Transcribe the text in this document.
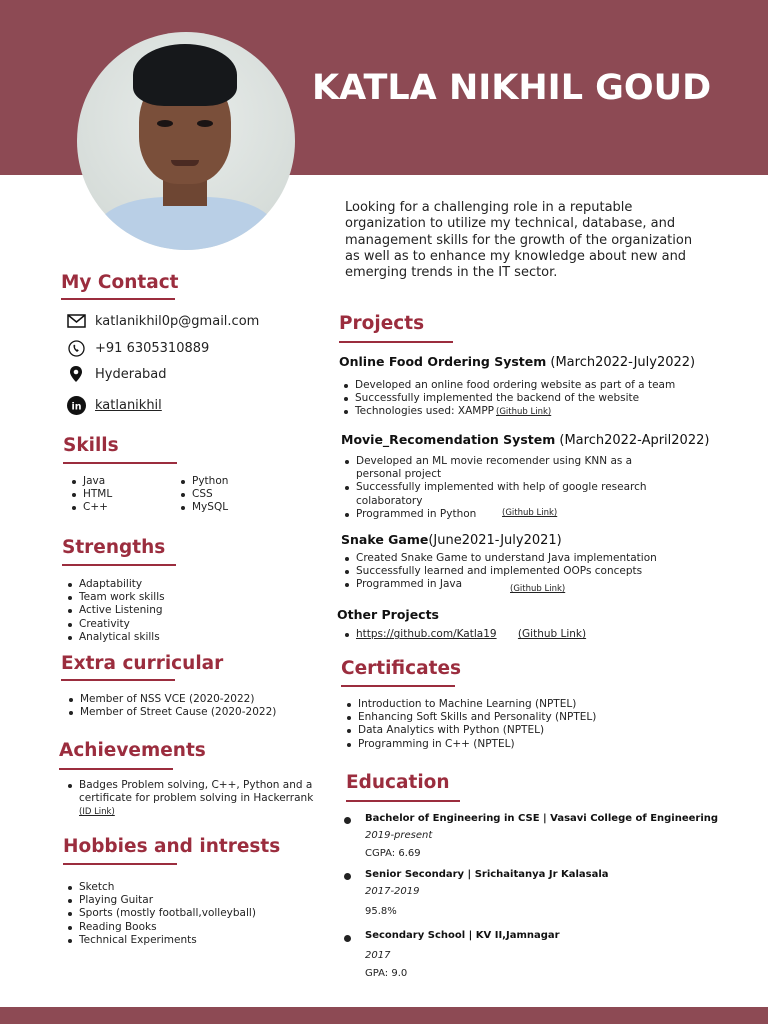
KATLA NIKHIL GOUD
Looking for a challenging role in a reputable organization to utilize my technical, database, and management skills for the growth of the organization as well as to enhance my knowledge about new and emerging trends in the IT sector.
My Contact
katlanikhil0p@gmail.com
+91 6305310889
Hyderabad
in katlanikhil
Skills
Java
HTML
C++
Python
CSS
MySQL
Strengths
Adaptability
Team work skills
Active Listening
Creativity
Analytical skills
Extra curricular
Member of NSS VCE (2020-2022)
Member of Street Cause (2020-2022)
Achievements
Badges Problem solving, C++, Python and a certificate for problem solving in Hackerrank
(ID Link)
Hobbies and intrests
Sketch
Playing Guitar
Sports (mostly football,volleyball)
Reading Books
Technical Experiments
Projects
Online Food Ordering System (March2022-July2022)
Developed an online food ordering website as part of a team
Successfully implemented the backend of the website
Technologies used: XAMPP (Github Link)
Movie_Recomendation System (March2022-April2022)
Developed an ML movie recomender using KNN as a personal project
Successfully implemented with help of google research colaboratory
Programmed in Python	(Github Link)
Snake Game(June2021-July2021)
Created Snake Game to understand Java implementation
Successfully learned and implemented OOPs concepts
Programmed in Java	(Github Link)
Other Projects
https://github.com/Katla19 (Github Link)
Certificates
Introduction to Machine Learning (NPTEL)
Enhancing Soft Skills and Personality (NPTEL)
Data Analytics with Python (NPTEL)
Programming in C++ (NPTEL)
Education
Bachelor of Engineering in CSE | Vasavi College of Engineering
2019-present
CGPA: 6.69
Senior Secondary | Srichaitanya Jr Kalasala
2017-2019
95.8%
Secondary School | KV II,Jamnagar
2017
GPA: 9.0
